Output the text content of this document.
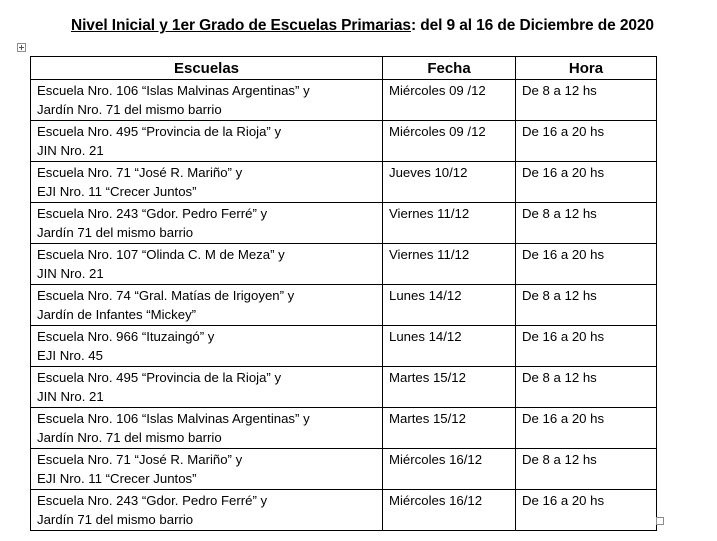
Nivel Inicial y 1er Grado de Escuelas Primarias: del 9 al 16 de Diciembre de 2020
Escuelas	Fecha	Hora

Escuela Nro. 106 “Islas Malvinas Argentinas” y
Jardín Nro. 71 del mismo barrio	Miércoles 09 /12	De 8 a 12 hs

Escuela Nro. 495 “Provincia de la Rioja” y
JIN Nro. 21	Miércoles 09 /12	De 16 a 20 hs

Escuela Nro. 71 “José R. Mariño” y
EJI Nro. 11 “Crecer Juntos”	Jueves 10/12	De 16 a 20 hs

Escuela Nro. 243 “Gdor. Pedro Ferré” y
Jardín 71 del mismo barrio	Viernes 11/12	De 8 a 12 hs

Escuela Nro. 107 “Olinda C. M de Meza” y
JIN Nro. 21	Viernes 11/12	De 16 a 20 hs

Escuela Nro. 74 “Gral. Matías de Irigoyen” y
Jardín de Infantes “Mickey”	Lunes 14/12	De 8 a 12 hs

Escuela Nro. 966 “Ituzaingó” y
EJI Nro. 45	Lunes 14/12	De 16 a 20 hs

Escuela Nro. 495 “Provincia de la Rioja” y
JIN Nro. 21	Martes 15/12	De 8 a 12 hs

Escuela Nro. 106 “Islas Malvinas Argentinas” y
Jardín Nro. 71 del mismo barrio	Martes 15/12	De 16 a 20 hs

Escuela Nro. 71 “José R. Mariño” y
EJI Nro. 11 “Crecer Juntos”	Miércoles 16/12	De 8 a 12 hs

Escuela Nro. 243 “Gdor. Pedro Ferré” y
Jardín 71 del mismo barrio	Miércoles 16/12	De 16 a 20 hs
